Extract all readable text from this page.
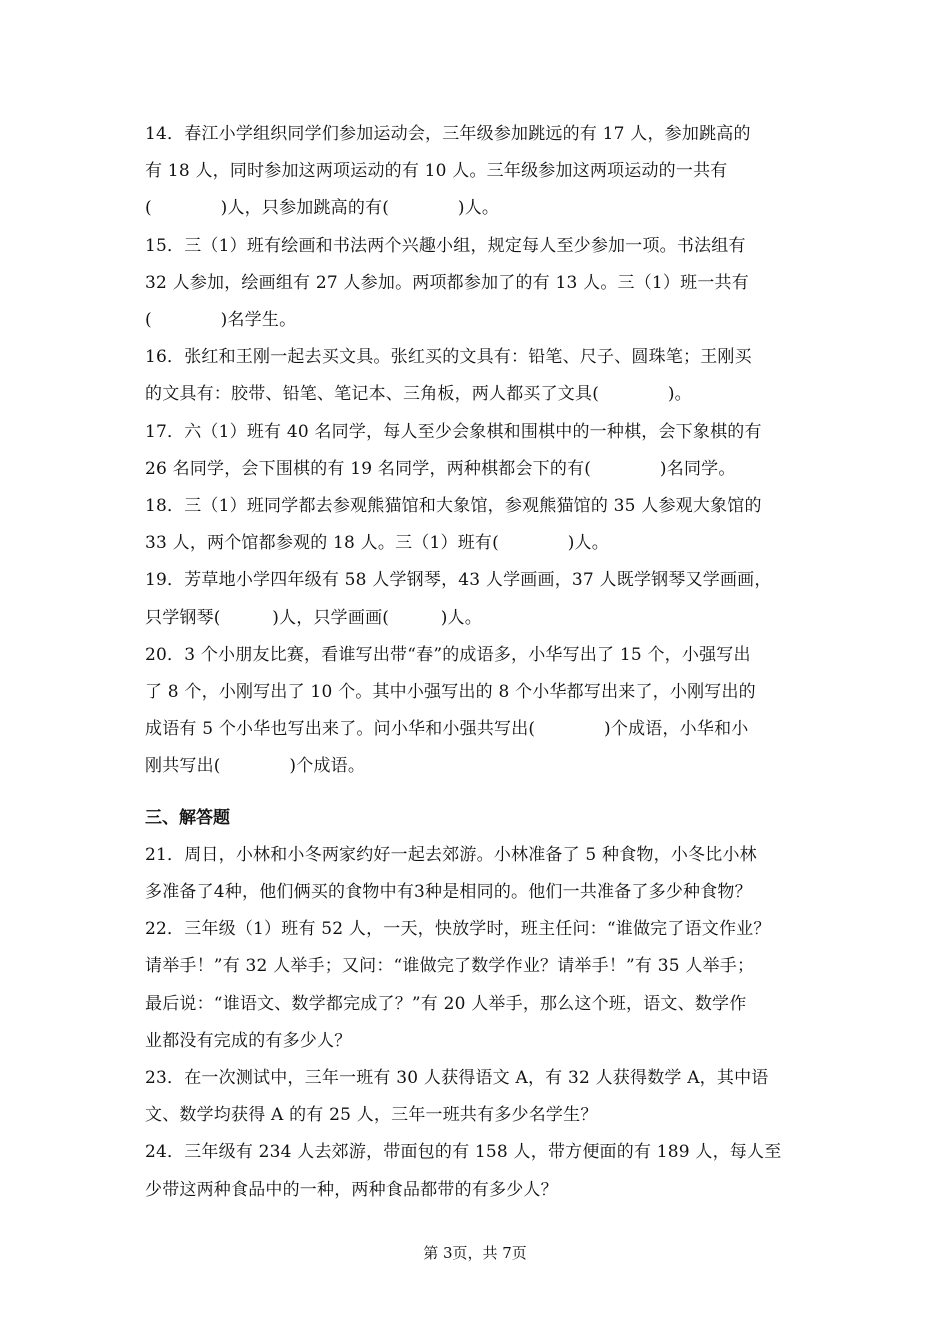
14．春江小学组织同学们参加运动会，三年级参加跳远的有 17 人，参加跳高的
有 18 人，同时参加这两项运动的有 10 人。三年级参加这两项运动的一共有
(　　　　)人，只参加跳高的有(　　　　)人。
15．三（1）班有绘画和书法两个兴趣小组，规定每人至少参加一项。书法组有
32 人参加，绘画组有 27 人参加。两项都参加了的有 13 人。三（1）班一共有
(　　　　)名学生。
16．张红和王刚一起去买文具。张红买的文具有：铅笔、尺子、圆珠笔；王刚买
的文具有：胶带、铅笔、笔记本、三角板，两人都买了文具(　　　　)。
17．六（1）班有 40 名同学，每人至少会象棋和围棋中的一种棋，会下象棋的有
26 名同学，会下围棋的有 19 名同学，两种棋都会下的有(　　　　)名同学。
18．三（1）班同学都去参观熊猫馆和大象馆，参观熊猫馆的 35 人参观大象馆的
33 人，两个馆都参观的 18 人。三（1）班有(　　　　)人。
19．芳草地小学四年级有 58 人学钢琴，43 人学画画，37 人既学钢琴又学画画，
只学钢琴(　　　)人，只学画画(　　　)人。
20．3 个小朋友比赛，看谁写出带“春”的成语多，小华写出了 15 个，小强写出
了 8 个，小刚写出了 10 个。其中小强写出的 8 个小华都写出来了，小刚写出的
成语有 5 个小华也写出来了。问小华和小强共写出(　　　　)个成语，小华和小
刚共写出(　　　　)个成语。
三、解答题
21．周日，小林和小冬两家约好一起去郊游。小林准备了 5 种食物，小冬比小林
多准备了4种，他们俩买的食物中有3种是相同的。他们一共准备了多少种食物？
22．三年级（1）班有 52 人，一天，快放学时，班主任问：“谁做完了语文作业？
请举手！”有 32 人举手；又问：“谁做完了数学作业？请举手！”有 35 人举手；
最后说：“谁语文、数学都完成了？”有 20 人举手，那么这个班，语文、数学作
业都没有完成的有多少人？
23．在一次测试中，三年一班有 30 人获得语文 A，有 32 人获得数学 A，其中语
文、数学均获得 A 的有 25 人，三年一班共有多少名学生？
24．三年级有 234 人去郊游，带面包的有 158 人，带方便面的有 189 人，每人至
少带这两种食品中的一种，两种食品都带的有多少人？
第 3页，共 7页
